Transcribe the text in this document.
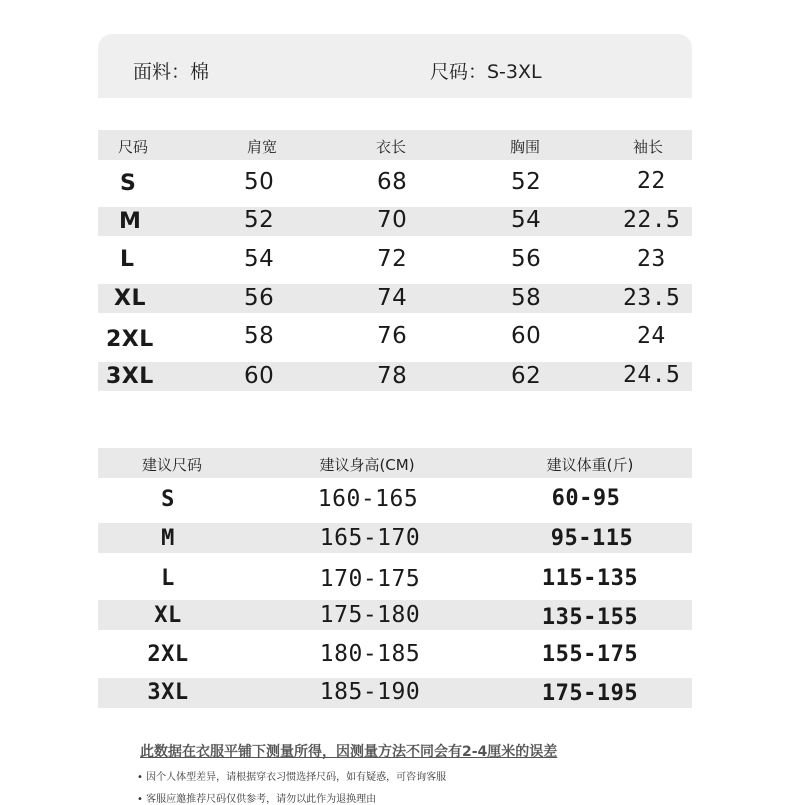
面料：棉	尺码：S-3XL
尺码	肩宽	衣长	胸围	袖长
S	50	68	52	22
M	52	70	54	22.5
L	54	72	56	23
XL	56	74	58	23.5
2XL	58	76	60	24
3XL	60	78	62	24.5
建议尺码	建议身高(CM)	建议体重(斤)
S	160-165	60-95
M	165-170	95-115
L	170-175	115-135
XL	175-180	135-155
2XL	180-185	155-175
3XL	185-190	175-195
此数据在衣服平铺下测量所得，因测量方法不同会有2-4厘米的误差
• 因个人体型差异，请根据穿衣习惯选择尺码，如有疑惑，可咨询客服
• 客服应邀推荐尺码仅供参考，请勿以此作为退换理由
